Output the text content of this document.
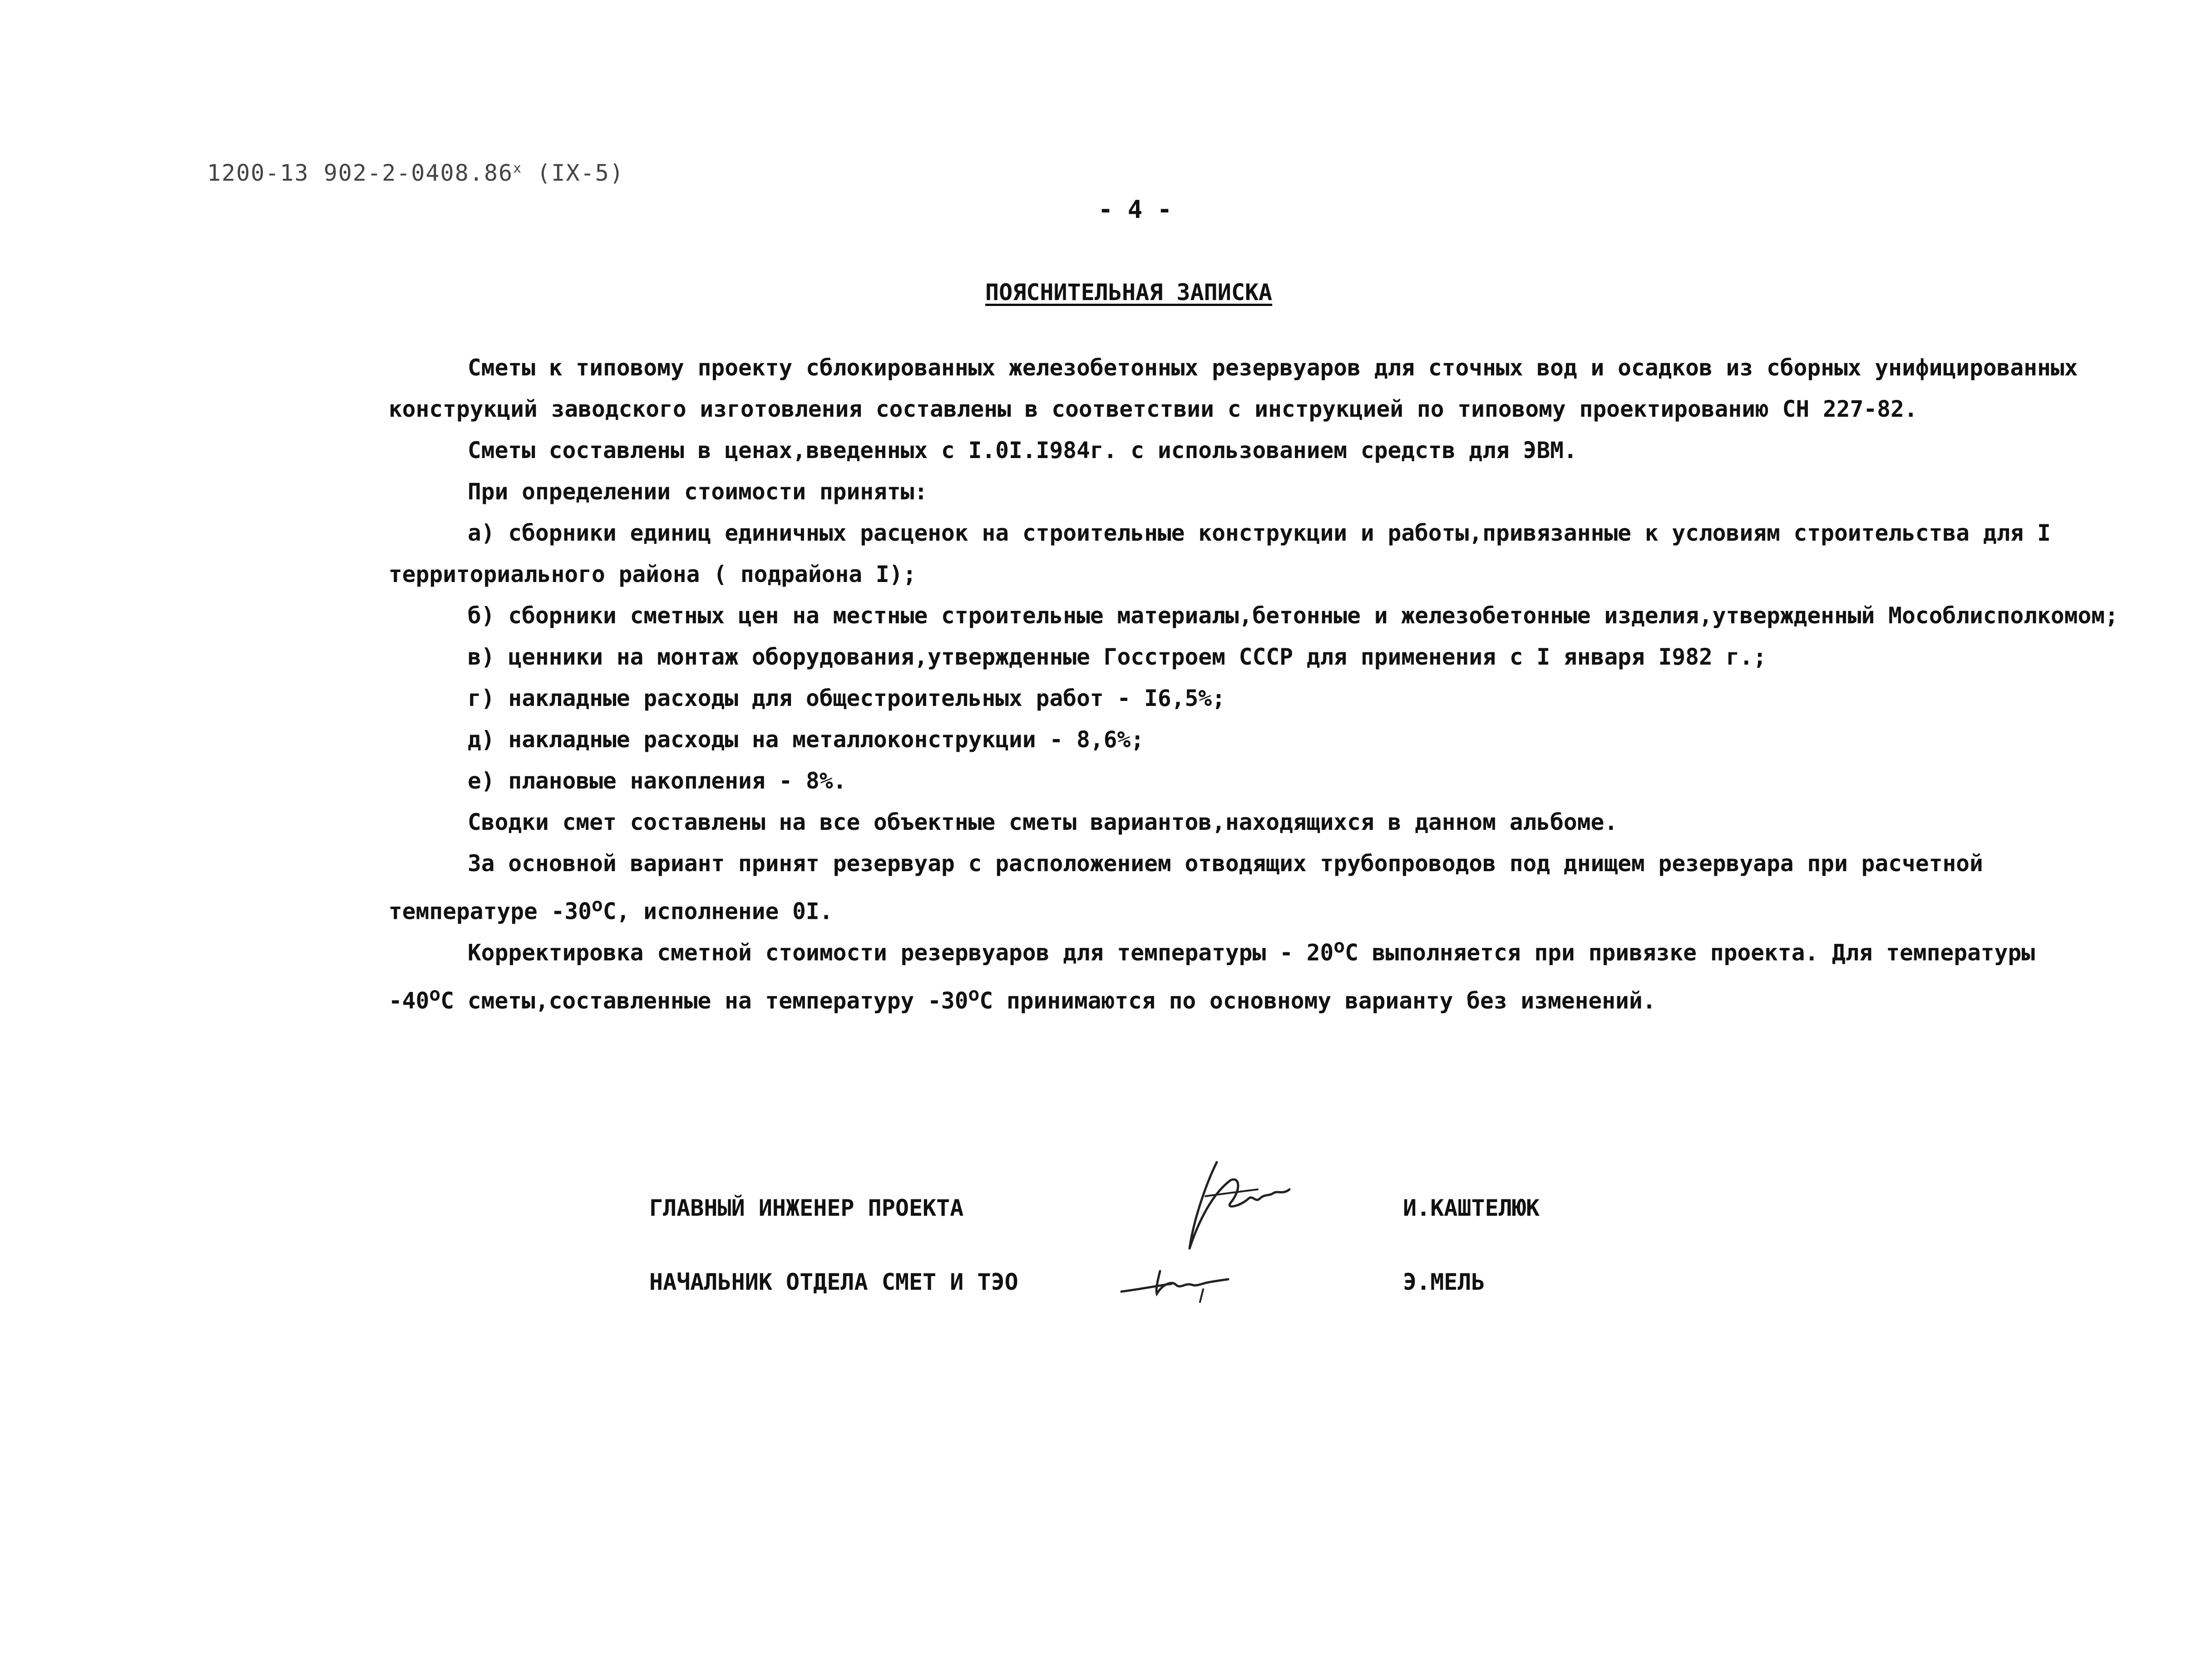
1200-13 902-2-0408.86$^x$ (IX-5)
- 4 -
ПОЯСНИТЕЛЬНАЯ ЗАПИСКА
Сметы к типовому проекту сблокированных железобетонных резервуаров для сточных вод и осадков из сборных унифицированных
конструкций заводского изготовления составлены в соответствии с инструкцией по типовому проектированию СН 227-82.
Сметы составлены в ценах,введенных с I.0I.I984г. с использованием средств для ЭВМ.
При определении стоимости приняты:
а) сборники единиц единичных расценок на строительные конструкции и работы,привязанные к условиям строительства для I
территориального района ( подрайона I);
б) сборники сметных цен на местные строительные материалы,бетонные и железобетонные изделия,утвержденный Мособлисполкомом;
в) ценники на монтаж оборудования,утвержденные Госстроем СССР для применения с I января I982 г.;
г) накладные расходы для общестроительных работ - I6,5%;
д) накладные расходы на металлоконструкции - 8,6%;
е) плановые накопления - 8%.
Сводки смет составлены на все объектные сметы вариантов,находящихся в данном альбоме.
За основной вариант принят резервуар с расположением отводящих трубопроводов под днищем резервуара при расчетной
температуре -30$^o$С, исполнение 0I.
Корректировка сметной стоимости резервуаров для температуры - 20$^o$С выполняется при привязке проекта. Для температуры
-40$^o$С сметы,составленные на температуру -30$^o$С принимаются по основному варианту без изменений.
ГЛАВНЫЙ ИНЖЕНЕР ПРОЕКТА	И.КАШТЕЛЮК
НАЧАЛЬНИК ОТДЕЛА СМЕТ И ТЭО	Э.МЕЛЬ
